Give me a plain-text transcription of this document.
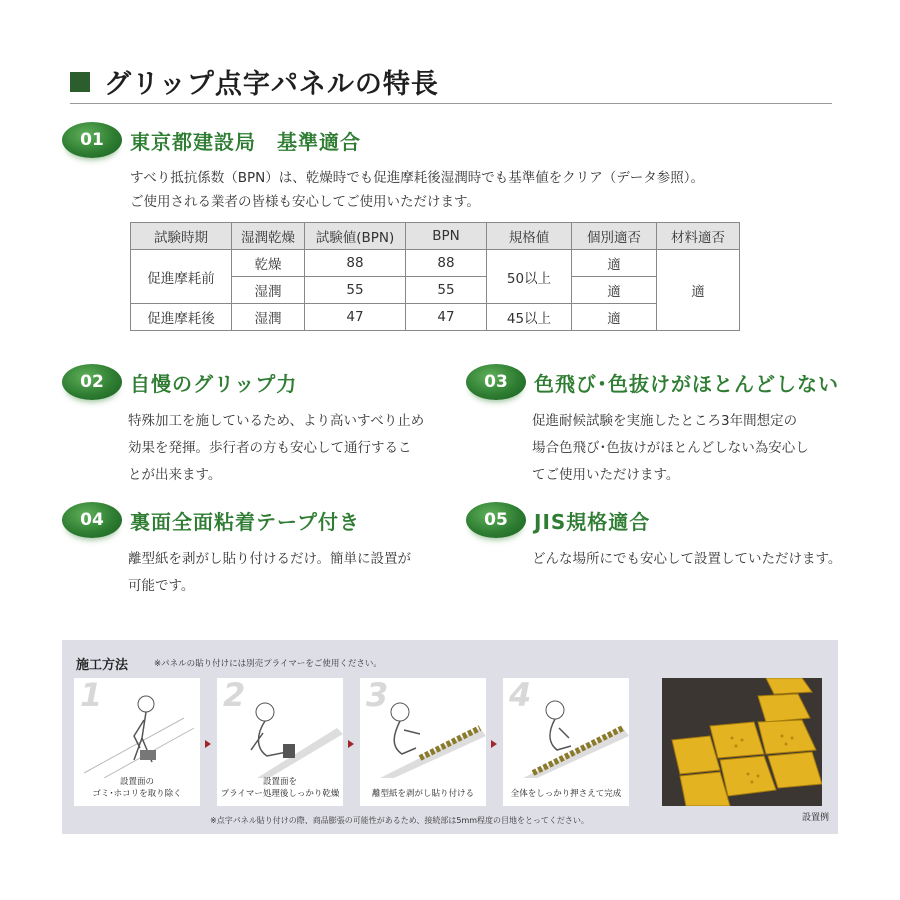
グリップ点字パネルの特長
01	東京都建設局　基準適合
すべり抵抗係数（BPN）は、乾燥時でも促進摩耗後湿潤時でも基準値をクリア（データ参照）。
ご使用される業者の皆様も安心してご使用いただけます。
試験時期	湿潤乾燥	試験値(BPN)	BPN	規格値	個別適否	材料適否
促進摩耗前	乾燥	88	88	50以上	適	適
	湿潤	55	55		適	
促進摩耗後	湿潤	47	47	45以上	適	
02	自慢のグリップ力
特殊加工を施しているため、より高いすべり止め
効果を発揮。歩行者の方も安心して通行するこ
とが出来ます。
03	色飛び･色抜けがほとんどしない
促進耐候試験を実施したところ3年間想定の
場合色飛び･色抜けがほとんどしない為安心し
てご使用いただけます。
04	裏面全面粘着テープ付き
離型紙を剥がし貼り付けるだけ。簡単に設置が
可能です。
05	JIS規格適合
どんな場所にでも安心して設置していただけます。
施工方法	※パネルの貼り付けには別売プライマーをご使用ください。
1
設置面の
ゴミ･ホコリを取り除く
2
設置面を
プライマー処理後しっかり乾燥
3
離型紙を剥がし貼り付ける
4
全体をしっかり押さえて完成
設置例
※点字パネル貼り付けの際、商品膨張の可能性があるため、接続部は5mm程度の目地をとってください。
